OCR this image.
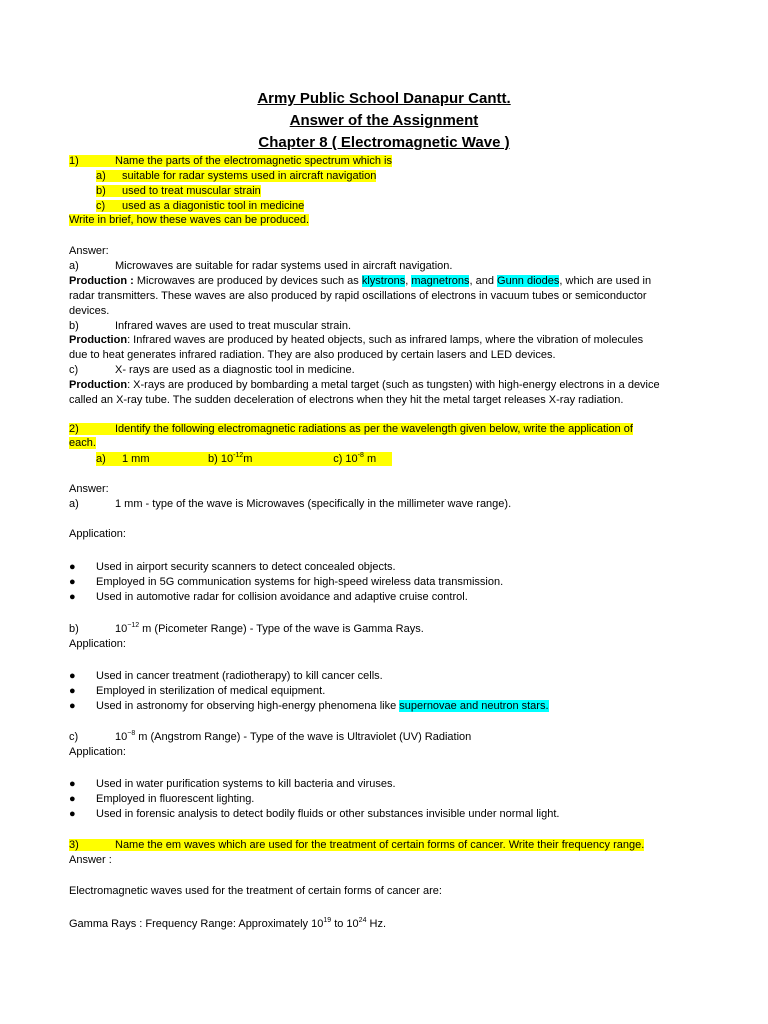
Army Public School Danapur Cantt.
Answer of the Assignment
Chapter 8 ( Electromagnetic Wave )
1)	Name the parts of the electromagnetic spectrum which is
a) suitable for radar systems used in aircraft navigation
b) used to treat muscular strain
c) used as a diagonistic tool in medicine
Write in brief, how these waves can be produced.
Answer:
a)	Microwaves are suitable for radar systems used in aircraft navigation.
Production : Microwaves are produced by devices such as klystrons, magnetrons, and Gunn diodes, which are used in
radar transmitters. These waves are also produced by rapid oscillations of electrons in vacuum tubes or semiconductor
devices.
b)	Infrared waves are used to treat muscular strain.
Production: Infrared waves are produced by heated objects, such as infrared lamps, where the vibration of molecules
due to heat generates infrared radiation. They are also produced by certain lasers and LED devices.
c)	X- rays are used as a diagnostic tool in medicine.
Production: X-rays are produced by bombarding a metal target (such as tungsten) with high-energy electrons in a device
called an X-ray tube. The sudden deceleration of electrons when they hit the metal target releases X-ray radiation.
2)	Identify the following electromagnetic radiations as per the wavelength given below, write the application of
each.
a) 1 mm	b) $10^{-12}m$	c) $10^{-8}$ m
Answer:
a)	1 mm - type of the wave is Microwaves (specifically in the millimeter wave range).
Application:
● Used in airport security scanners to detect concealed objects.
● Employed in 5G communication systems for high-speed wireless data transmission.
● Used in automotive radar for collision avoidance and adaptive cruise control.
b)	$10^{-12}$ m (Picometer Range) - Type of the wave is Gamma Rays.
Application:
● Used in cancer treatment (radiotherapy) to kill cancer cells.
● Employed in sterilization of medical equipment.
● Used in astronomy for observing high-energy phenomena like supernovae and neutron stars.
c)	$10^{-8}$ m (Angstrom Range) - Type of the wave is Ultraviolet (UV) Radiation
Application:
● Used in water purification systems to kill bacteria and viruses.
● Employed in fluorescent lighting.
● Used in forensic analysis to detect bodily fluids or other substances invisible under normal light.
3)	Name the em waves which are used for the treatment of certain forms of cancer. Write their frequency range.
Answer :
Electromagnetic waves used for the treatment of certain forms of cancer are:
Gamma Rays : Frequency Range: Approximately $10^{19}$ to $10^{24}$ Hz.
